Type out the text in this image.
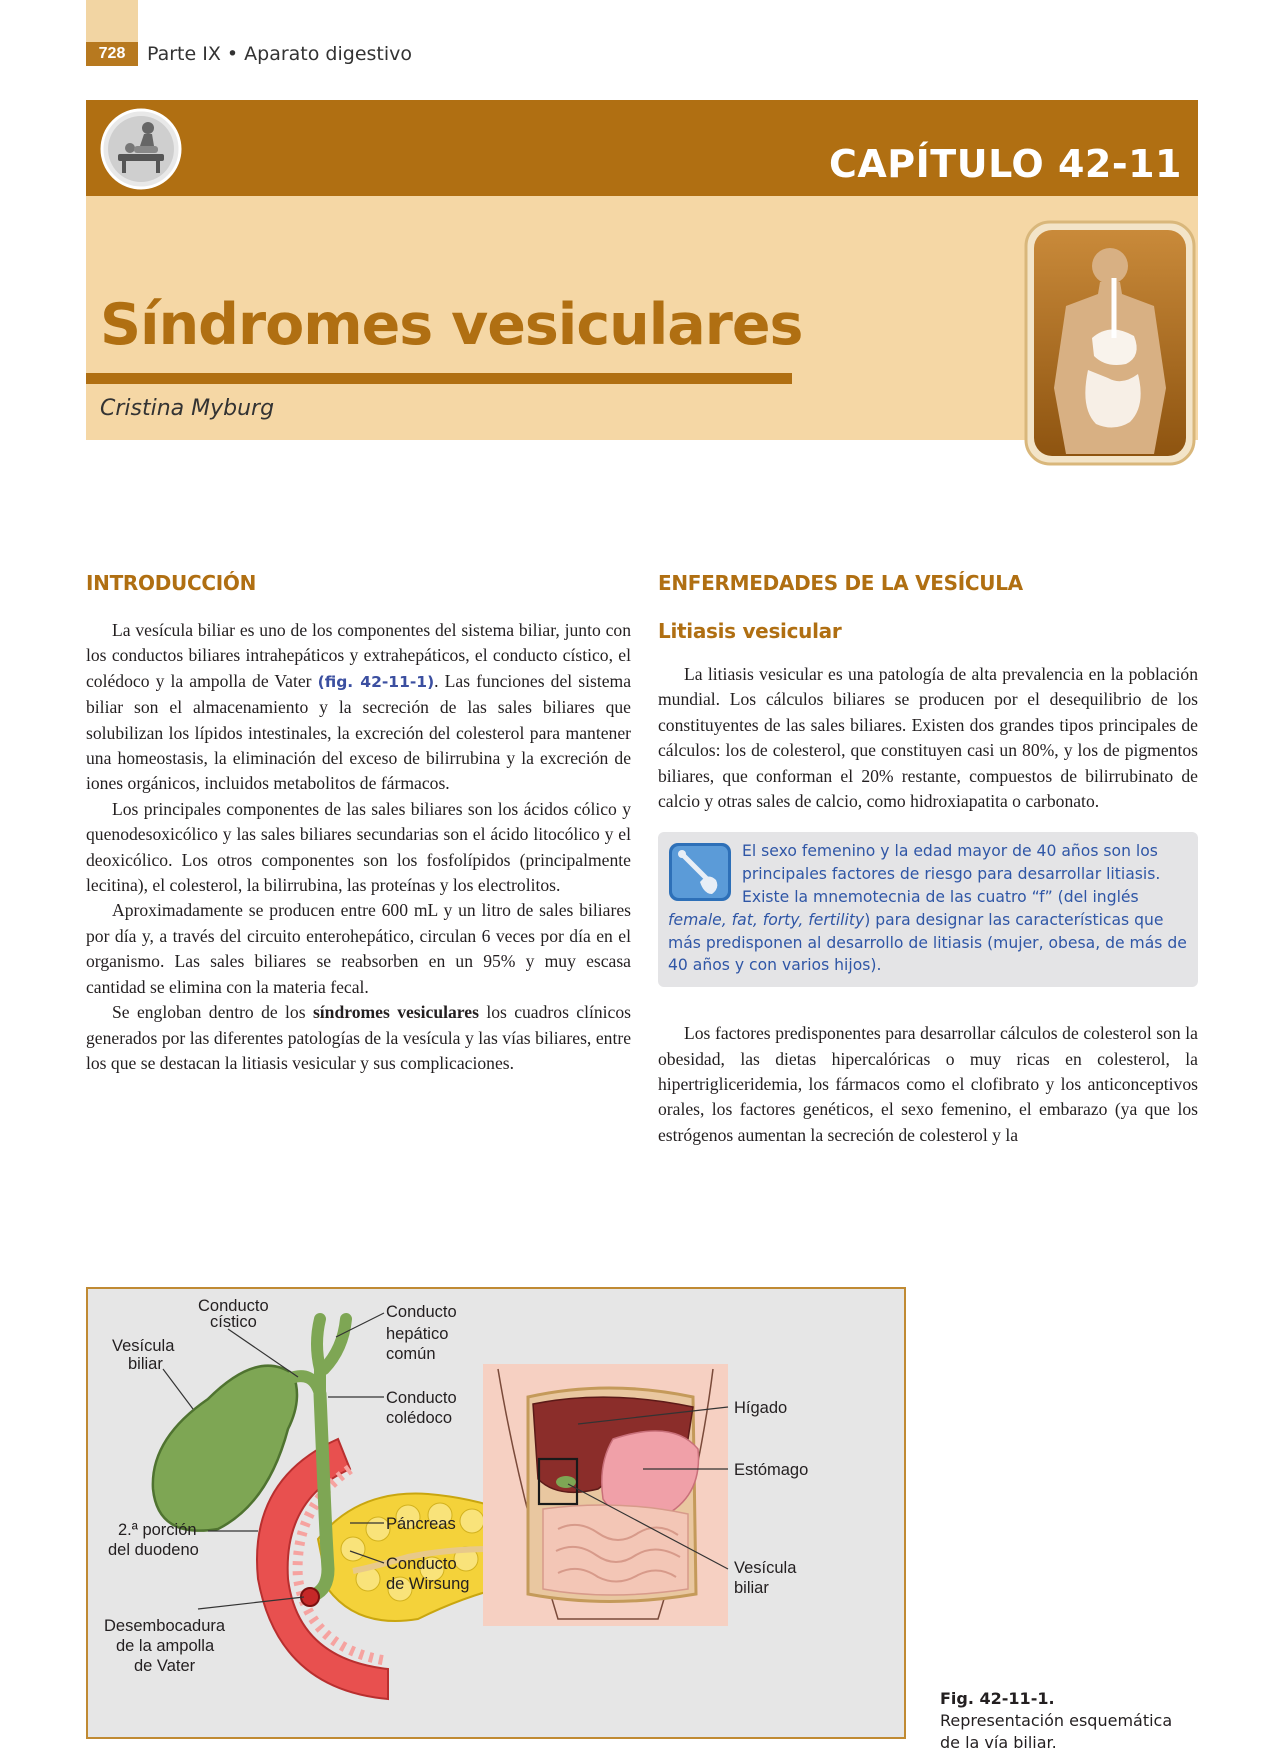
728	Parte IX • Aparato digestivo
CAPÍTULO 42-11
Síndromes vesiculares
Cristina Myburg
INTRODUCCIÓN

La vesícula biliar es uno de los componentes del sistema biliar, junto con los conductos biliares intrahepáticos y extrahepáticos, el conducto cístico, el colédoco y la ampolla de Vater (fig. 42-11-1). Las funciones del sistema biliar son el almacenamiento y la secreción de las sales biliares que solubilizan los lípidos intestinales, la excreción del colesterol para mantener una homeostasis, la eliminación del exceso de bilirrubina y la excreción de iones orgánicos, incluidos metabolitos de fármacos.

Los principales componentes de las sales biliares son los ácidos cólico y quenodesoxicólico y las sales biliares secundarias son el ácido litocólico y el deoxicólico. Los otros componentes son los fosfolípidos (principalmente lecitina), el colesterol, la bilirrubina, las proteínas y los electrolitos.

Aproximadamente se producen entre 600 mL y un litro de sales biliares por día y, a través del circuito enterohepático, circulan 6 veces por día en el organismo. Las sales biliares se reabsorben en un 95% y muy escasa cantidad se elimina con la materia fecal.

Se engloban dentro de los síndromes vesiculares los cuadros clínicos generados por las diferentes patologías de la vesícula y las vías biliares, entre los que se destacan la litiasis vesicular y sus complicaciones.

ENFERMEDADES DE LA VESÍCULA
Litiasis vesicular

La litiasis vesicular es una patología de alta prevalencia en la población mundial. Los cálculos biliares se producen por el desequilibrio de los constituyentes de las sales biliares. Existen dos grandes tipos principales de cálculos: los de colesterol, que constituyen casi un 80%, y los de pigmentos biliares, que conforman el 20% restante, compuestos de bilirrubinato de calcio y otras sales de calcio, como hidroxiapatita o carbonato.

El sexo femenino y la edad mayor de 40 años son los principales factores de riesgo para desarrollar litiasis. Existe la mnemotecnia de las cuatro “f” (del inglés female, fat, forty, fertility) para designar las características que más predisponen al desarrollo de litiasis (mujer, obesa, de más de 40 años y con varios hijos).

Los factores predisponentes para desarrollar cálculos de colesterol son la obesidad, las dietas hipercalóricas o muy ricas en colesterol, la hipertrigliceridemia, los fármacos como el clofibrato y los anticonceptivos orales, los factores genéticos, el sexo femenino, el embarazo (ya que los estrógenos aumentan la secreción de colesterol y la

Conducto
cístico
Vesícula
biliar
Conducto
hepático
común
Conducto
colédoco
Páncreas
Conducto
de Wirsung
2.ª porción
del duodeno
Desembocadura
de la ampolla
de Vater
Hígado
Estómago
Vesícula
biliar
Fig. 42-11-1. Representación esquemática de la vía biliar.
